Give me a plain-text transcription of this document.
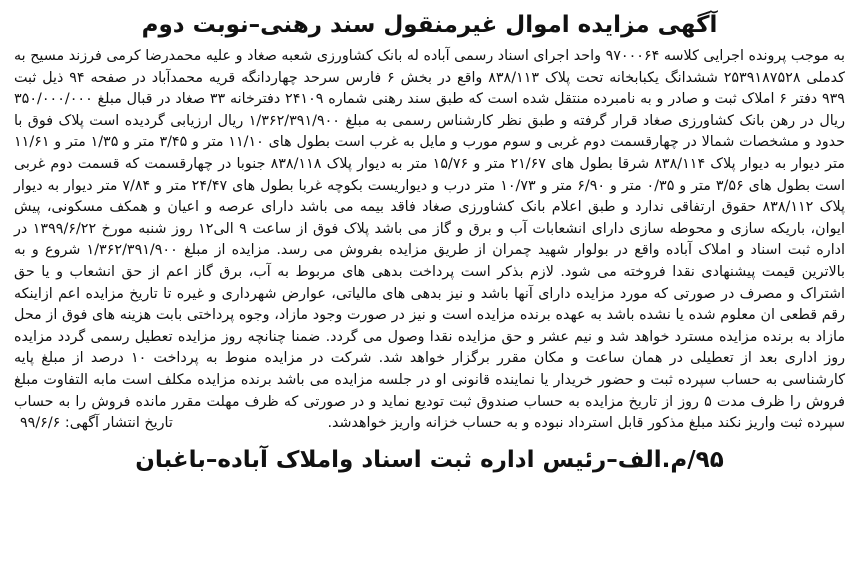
آگهی مزایده اموال غیرمنقول سند رهنی–نوبت دوم

به موجب پرونده اجرایی کلاسه ۹۷۰۰۰۶۴ واحد اجرای اسناد رسمی آباده له بانک کشاورزی شعبه صغاد و علیه محمدرضا کرمی فرزند مسیح به کدملی ۲۵۳۹۱۸۷۵۲۸ ششدانگ یکبابخانه تحت پلاک ۸۳۸/۱۱۳ واقع در بخش ۶ فارس سرحد چهاردانگه قریه محمدآباد در صفحه ۹۴ ذیل ثبت ۹۳۹ دفتر ۶ املاک ثبت و صادر و به نامبرده منتقل شده است که طبق سند رهنی شماره ۲۴۱۰۹ دفترخانه ۳۳ صغاد در قبال مبلغ ۳۵۰/۰۰۰/۰۰۰ ریال در رهن بانک کشاورزی صغاد قرار گرفته و طبق نظر کارشناس رسمی به مبلغ ۱/۳۶۲/۳۹۱/۹۰۰ ریال ارزیابی گردیده است پلاک فوق با حدود و مشخصات شمالا در چهارقسمت دوم غربی و سوم مورب و مایل به غرب است بطول های ۱۱/۱۰ متر و ۳/۴۵ متر و ۱/۳۵ متر و ۱۱/۶۱ متر دیوار به دیوار پلاک ۸۳۸/۱۱۴ شرقا بطول های ۲۱/۶۷ متر و ۱۵/۷۶ متر به دیوار پلاک ۸۳۸/۱۱۸ جنوبا در چهارقسمت که قسمت دوم غربی است بطول های ۳/۵۶ متر و ۰/۳۵ متر و ۶/۹۰ متر و ۱۰/۷۳ متر درب و دیواریست بکوچه غربا بطول های ۲۴/۴۷ متر و ۷/۸۴ متر دیوار به دیوار پلاک ۸۳۸/۱۱۲ حقوق ارتفاقی ندارد و طبق اعلام بانک کشاورزی صغاد فاقد بیمه می باشد دارای عرصه و اعیان و همکف مسکونی، پیش ایوان، باریکه سازی و محوطه سازی دارای انشعابات آب و برق و گاز می باشد پلاک فوق از ساعت ۹ الی۱۲ روز شنبه مورخ ۱۳۹۹/۶/۲۲ در اداره ثبت اسناد و املاک آباده واقع در بولوار شهید چمران از طریق مزایده بفروش می رسد. مزایده از مبلغ ۱/۳۶۲/۳۹۱/۹۰۰ شروع و به بالاترین قیمت پیشنهادی نقدا فروخته می شود. لازم بذکر است پرداخت بدهی های مربوط به آب، برق گاز اعم از حق انشعاب و یا حق اشتراک و مصرف در صورتی که مورد مزایده دارای آنها باشد و نیز بدهی های مالیاتی، عوارض شهرداری و غیره تا تاریخ مزایده اعم ازاینکه رقم قطعی ان معلوم شده یا نشده باشد به عهده برنده مزایده است و نیز در صورت وجود مازاد، وجوه پرداختی بابت هزینه های فوق از محل مازاد به برنده مزایده مسترد خواهد شد و نیم عشر و حق مزایده نقدا وصول می گردد. ضمنا چنانچه روز مزایده تعطیل رسمی گردد مزایده روز اداری بعد از تعطیلی در همان ساعت و مکان مقرر برگزار خواهد شد. شرکت در مزایده منوط به پرداخت ۱۰ درصد از مبلغ پایه کارشناسی به حساب سپرده ثبت و حضور خریدار یا نماینده قانونی او در جلسه مزایده می باشد برنده مزایده مکلف است مابه التفاوت مبلغ فروش را ظرف مدت ۵ روز از تاریخ مزایده به حساب صندوق ثبت تودیع نماید و در صورتی که ظرف مهلت مقرر مانده فروش را به حساب سپرده ثبت واریز نکند مبلغ مذکور قابل استرداد نبوده و به حساب خزانه واریز خواهدشد.

تاریخ انتشار آگهی: ۹۹/۶/۶
۹۵/م.الف–رئیس اداره ثبت اسناد واملاک آباده–باغبان
